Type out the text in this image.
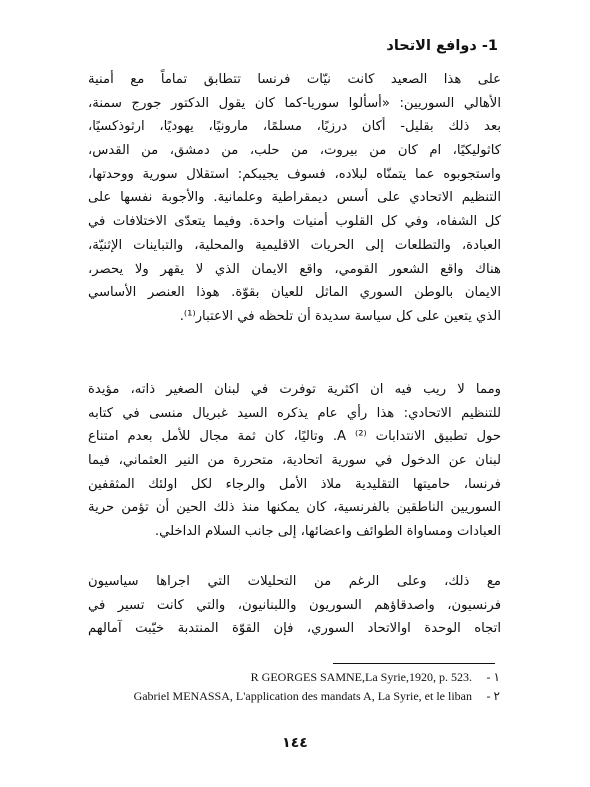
1- دوافع الاتحاد
على هذا الصعيد كانت نيّات فرنسا تتطابق تماماً مع أمنية
الأهالي السوريين: «أسألوا سوريا-كما كان يقول الدكتور جورج سمنة،
بعد ذلك بقليل- أكان درزيًا، مسلمًا، مارونيًا، يهوديًا، ارثوذكسيًا،
كاثوليكيًا، ام كان من بيروت، من حلب، من دمشق، من القدس،
واستجوبوه عما يتمنّاه لبلاده، فسوف يجيبكم: استقلال سورية ووحدتها،
التنظيم الاتحادي على أسس ديمقراطية وعلمانية. والأجوبة نفسها على
كل الشفاه، وفي كل القلوب أمنيات واحدة. وفيما يتعدّى الاختلافات في
العبادة، والتطلعات إلى الحريات الاقليمية والمحلية، والتباينات الإثنيّة،
هناك واقع الشعور القومي، واقع الايمان الذي لا يقهر ولا يحصر،
الايمان بالوطن السوري الماثل للعيان بقوّة. هوذا العنصر الأساسي
الذي يتعين على كل سياسة سديدة أن تلحظه في الاعتبار⁽¹⁾.
ومما لا ريب فيه ان اكثرية توفرت في لبنان الصغير ذاته، مؤيدة
للتنظيم الاتحادي: هذا رأي عام يذكره السيد غبريال منسى في كتابه
حول تطبيق الانتدابات A ⁽²⁾. وتاليًا، كان ثمة مجال للأمل بعدم امتناع
لبنان عن الدخول في سورية اتحادية، متحررة من النير العثماني، فيما
فرنسا، حاميتها التقليدية ملاذ الأمل والرجاء لكل اولئك المثقفين
السوريين الناطقين بالفرنسية، كان يمكنها منذ ذلك الحين أن تؤمن حرية
العبادات ومساواة الطوائف واعضائها، إلى جانب السلام الداخلي.
مع ذلك، وعلى الرغم من التحليلات التي اجراها سياسيون
فرنسيون، واصدقاؤهم السوريون واللبنانيون، والتي كانت تسير في
اتجاه الوحدة اوالاتحاد السوري، فإن القوّة المنتدبة خيّبت آمالهم
R GEORGES SAMNE,La Syrie,1920, p. 523. ١ -
Gabriel MENASSA, L'application des mandats A, La Syrie, et le liban ٢ -
١٤٤
